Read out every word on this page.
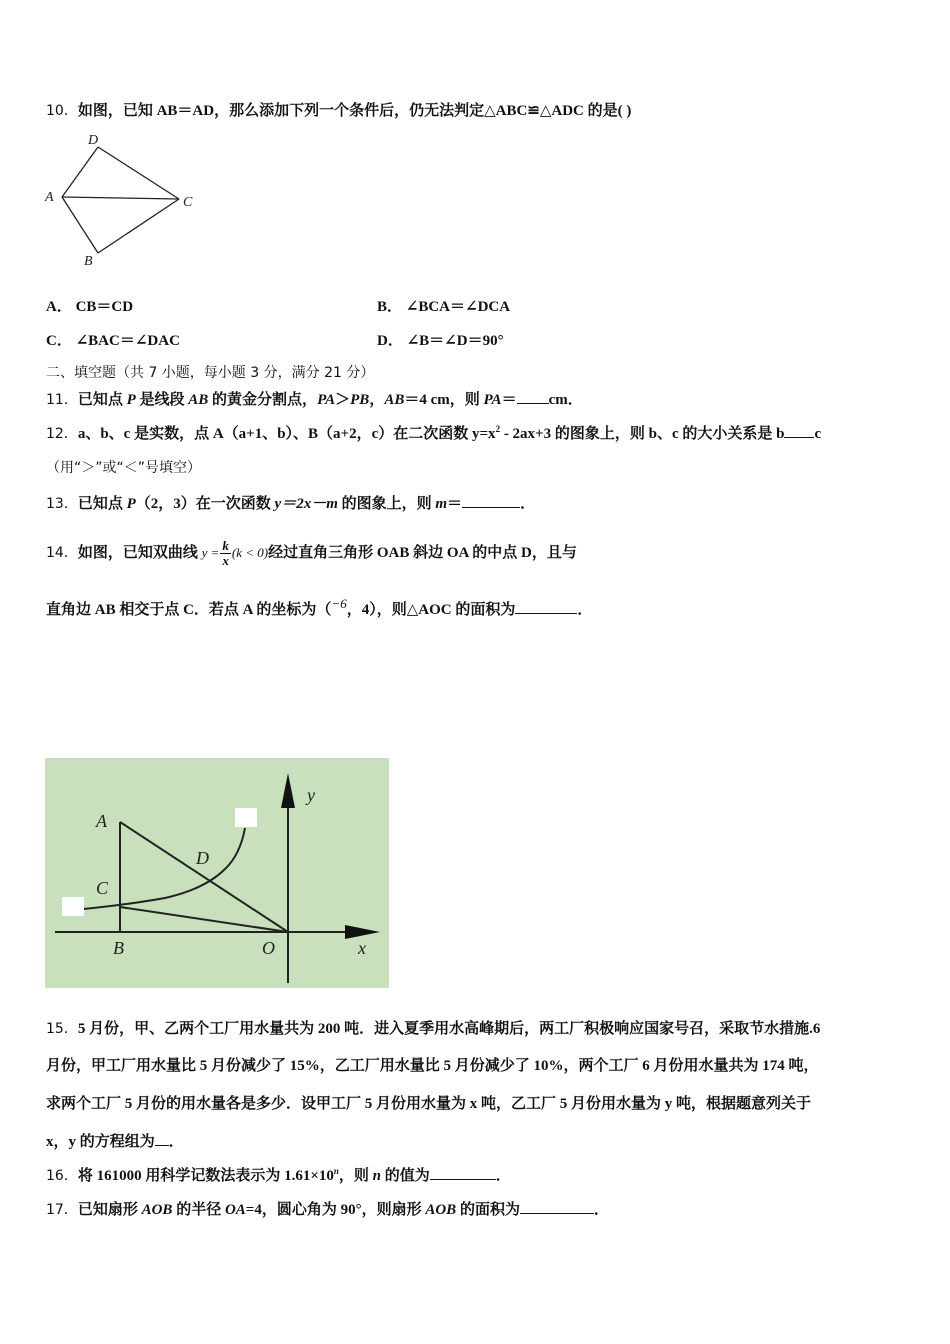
10．如图，已知 AB＝AD，那么添加下列一个条件后，仍无法判定△ABC≌△ADC 的是( )
D
A	C
B
A． CB＝CD	B． ∠BCA＝∠DCA
C． ∠BAC＝∠DAC	D． ∠B＝∠D＝90°
二、填空题（共 7 小题，每小题 3 分，满分 21 分）
11．已知点 P 是线段 AB 的黄金分割点，PA＞PB，AB＝4 cm，则 PA＝ cm．
12．a、b、c 是实数，点 A（a+1、b）、B（a+2，c）在二次函数 $y=x^2 - 2ax+3$ 的图象上，则 b、c 的大小关系是 b c
（用“＞”或“＜”号填空）
13．已知点 P（2，3）在一次函数 y＝2x－m 的图象上，则 m＝	．
14．如图，已知双曲线 $y = \frac{k}{x} (k < 0)$经过直角三角形 OAB 斜边 OA 的中点 D，且与
直角边 AB 相交于点 C．若点 A 的坐标为（−6，4），则△AOC 的面积为	．
A
B
C
D
O	x
y
15．5 月份，甲、乙两个工厂用水量共为 200 吨．进入夏季用水高峰期后，两工厂积极响应国家号召，采取节水措施.6
月份，甲工厂用水量比 5 月份减少了 15%，乙工厂用水量比 5 月份减少了 10%，两个工厂 6 月份用水量共为 174 吨，
求两个工厂 5 月份的用水量各是多少．设甲工厂 5 月份用水量为 x 吨，乙工厂 5 月份用水量为 y 吨，根据题意列关于
x，y 的方程组为 ．
16．将 161000 用科学记数法表示为 $1.61\times 10^n$，则 n 的值为	．
17．已知扇形 AOB 的半径 OA=4，圆心角为 90°，则扇形 AOB 的面积为	．
